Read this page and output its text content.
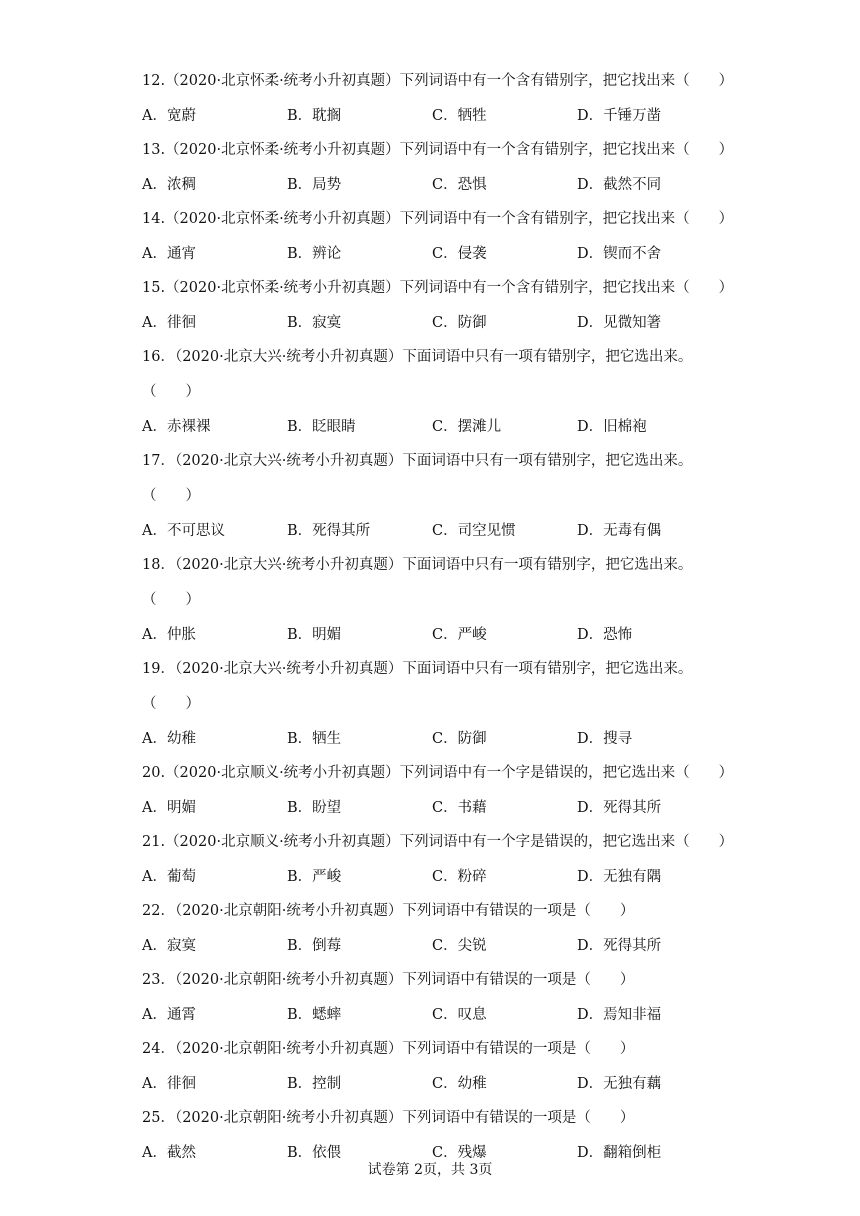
12.（2020·北京怀柔·统考小升初真题）下列词语中有一个含有错别字，把它找出来（　　）
A．宽蔚	B．耽搁	C．牺牲	D．千锤万凿
13.（2020·北京怀柔·统考小升初真题）下列词语中有一个含有错别字，把它找出来（　　）
A．浓稠	B．局势	C．恐惧	D．截然不同
14.（2020·北京怀柔·统考小升初真题）下列词语中有一个含有错别字，把它找出来（　　）
A．通宵	B．辨论	C．侵袭	D．锲而不舍
15.（2020·北京怀柔·统考小升初真题）下列词语中有一个含有错别字，把它找出来（　　）
A．徘徊	B．寂寞	C．防御	D．见微知箸
16．（2020·北京大兴·统考小升初真题）下面词语中只有一项有错别字，把它选出来。
（　　）
A．赤裸裸	B．眨眼睛	C．摆滩儿	D．旧棉袍
17．（2020·北京大兴·统考小升初真题）下面词语中只有一项有错别字，把它选出来。
（　　）
A．不可思议	B．死得其所	C．司空见惯	D．无毒有偶
18．（2020·北京大兴·统考小升初真题）下面词语中只有一项有错别字，把它选出来。
（　　）
A．仲胀	B．明媚	C．严峻	D．恐怖
19．（2020·北京大兴·统考小升初真题）下面词语中只有一项有错别字，把它选出来。
（　　）
A．幼稚	B．牺生	C．防御	D．搜寻
20.（2020·北京顺义·统考小升初真题）下列词语中有一个字是错误的，把它选出来（　　）
A．明媚	B．盼望	C．书藉	D．死得其所
21.（2020·北京顺义·统考小升初真题）下列词语中有一个字是错误的，把它选出来（　　）
A．葡萄	B．严峻	C．粉碎	D．无独有隅
22．（2020·北京朝阳·统考小升初真题）下列词语中有错误的一项是（　　）
A．寂寞	B．倒莓	C．尖锐	D．死得其所
23．（2020·北京朝阳·统考小升初真题）下列词语中有错误的一项是（　　）
A．通霄	B．蟋蟀	C．叹息	D．焉知非福
24．（2020·北京朝阳·统考小升初真题）下列词语中有错误的一项是（　　）
A．徘徊	B．控制	C．幼稚	D．无独有藕
25．（2020·北京朝阳·统考小升初真题）下列词语中有错误的一项是（　　）
A．截然	B．依偎	C．残爆	D．翻箱倒柜
试卷第 2页，共 3页
